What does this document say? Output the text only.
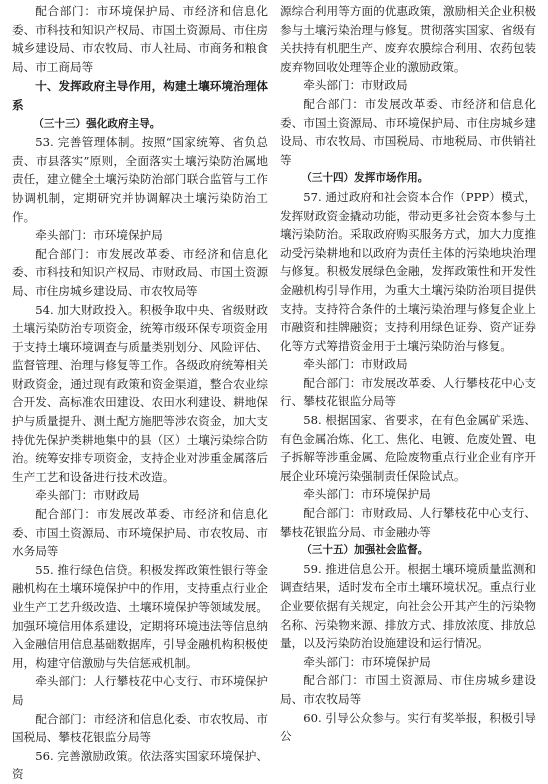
配合部门：市环境保护局、市经济和信息化委、市科技和知识产权局、市国土资源局、市住房城乡建设局、市农牧局、市人社局、市商务和粮食局、市工商局等

十、发挥政府主导作用，构建土壤环境治理体系

（三十三）强化政府主导。

53. 完善管理体制。按照“国家统筹、省负总责、市县落实”原则，全面落实土壤污染防治属地责任，建立健全土壤污染防治部门联合监管与工作协调机制，定期研究并协调解决土壤污染防治工作。

牵头部门：市环境保护局

配合部门：市发展改革委、市经济和信息化委、市科技和知识产权局、市财政局、市国土资源局、市住房城乡建设局、市农牧局等

54. 加大财政投入。积极争取中央、省级财政土壤污染防治专项资金，统筹市级环保专项资金用于支持土壤环境调查与质量类别划分、风险评估、监督管理、治理与修复等工作。各级政府统筹相关财政资金，通过现有政策和资金渠道，整合农业综合开发、高标准农田建设、农田水利建设、耕地保护与质量提升、测土配方施肥等涉农资金，加大支持优先保护类耕地集中的县（区）土壤污染综合防治。统筹安排专项资金，支持企业对涉重金属落后生产工艺和设备进行技术改造。

牵头部门：市财政局

配合部门：市发展改革委、市经济和信息化委、市国土资源局、市环境保护局、市农牧局、市水务局等

55. 推行绿色信贷。积极发挥政策性银行等金融机构在土壤环境保护中的作用，支持重点行业企业生产工艺升级改造、土壤环境保护等领域发展。加强环境信用体系建设，定期将环境违法等信息纳入金融信用信息基础数据库，引导金融机构积极使用，构建守信激励与失信惩戒机制。

牵头部门：人行攀枝花中心支行、市环境保护局

配合部门：市经济和信息化委、市农牧局、市国税局、攀枝花银监分局等

56. 完善激励政策。依法落实国家环境保护、资

源综合利用等方面的优惠政策，激励相关企业积极参与土壤污染治理与修复。贯彻落实国家、省级有关扶持有机肥生产、废弃农膜综合利用、农药包装废弃物回收处理等企业的激励政策。

牵头部门：市财政局

配合部门：市发展改革委、市经济和信息化委、市国土资源局、市环境保护局、市住房城乡建设局、市农牧局、市国税局、市地税局、市供销社等

（三十四）发挥市场作用。

57. 通过政府和社会资本合作（PPP）模式，发挥财政资金撬动功能，带动更多社会资本参与土壤污染防治。采取政府购买服务方式，加大力度推动受污染耕地和以政府为责任主体的污染地块治理与修复。积极发展绿色金融，发挥政策性和开发性金融机构引导作用，为重大土壤污染防治项目提供支持。支持符合条件的土壤污染治理与修复企业上市融资和挂牌融资；支持利用绿色证券、资产证券化等方式筹措资金用于土壤污染防治与修复。

牵头部门：市财政局

配合部门：市发展改革委、人行攀枝花中心支行、攀枝花银监分局等

58. 根据国家、省要求，在有色金属矿采选、有色金属冶炼、化工、焦化、电镀、危废处置、电子拆解等涉重金属、危险废物重点行业企业有序开展企业环境污染强制责任保险试点。

牵头部门：市环境保护局

配合部门：市财政局、人行攀枝花中心支行、攀枝花银监分局、市金融办等

（三十五）加强社会监督。

59. 推进信息公开。根据土壤环境质量监测和调查结果，适时发布全市土壤环境状况。重点行业企业要依据有关规定，向社会公开其产生的污染物名称、污染物来源、排放方式、排放浓度、排放总量，以及污染防治设施建设和运行情况。

牵头部门：市环境保护局

配合部门：市国土资源局、市住房城乡建设局、市农牧局等

60. 引导公众参与。实行有奖举报，积极引导公
